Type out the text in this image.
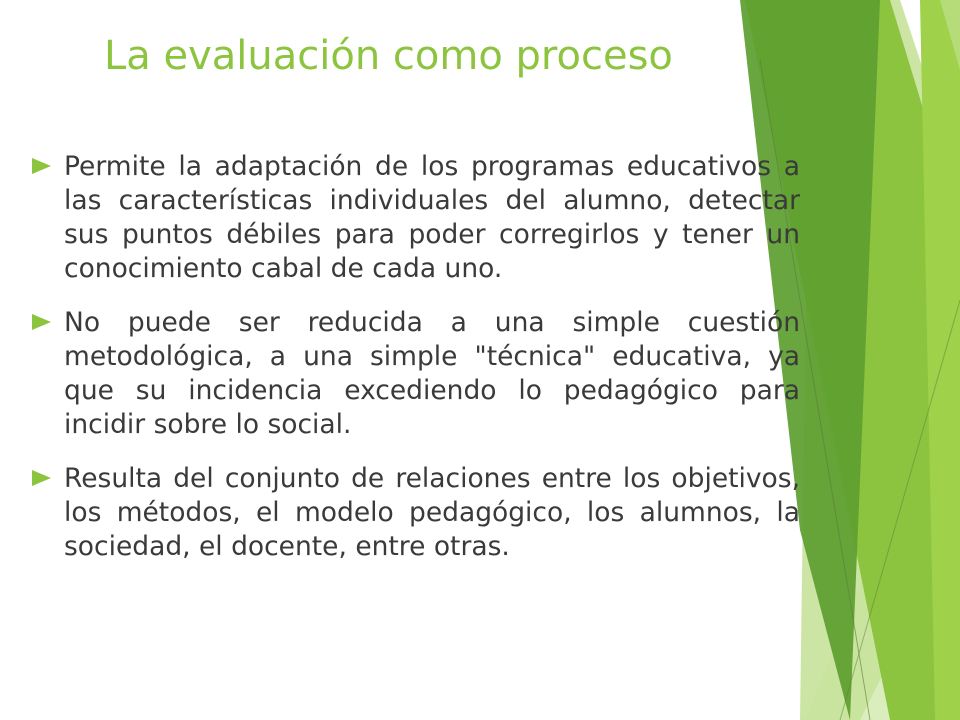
La evaluación como proceso
Permite la adaptación de los programas educativos a las características individuales del alumno, detectar sus puntos débiles para poder corregirlos y tener un conocimiento cabal de cada uno.
No puede ser reducida a una simple cuestión metodológica, a una simple "técnica" educativa, ya que su incidencia excediendo lo pedagógico para incidir sobre lo social.
Resulta del conjunto de relaciones entre los objetivos, los métodos, el modelo pedagógico, los alumnos, la sociedad, el docente, entre otras.
